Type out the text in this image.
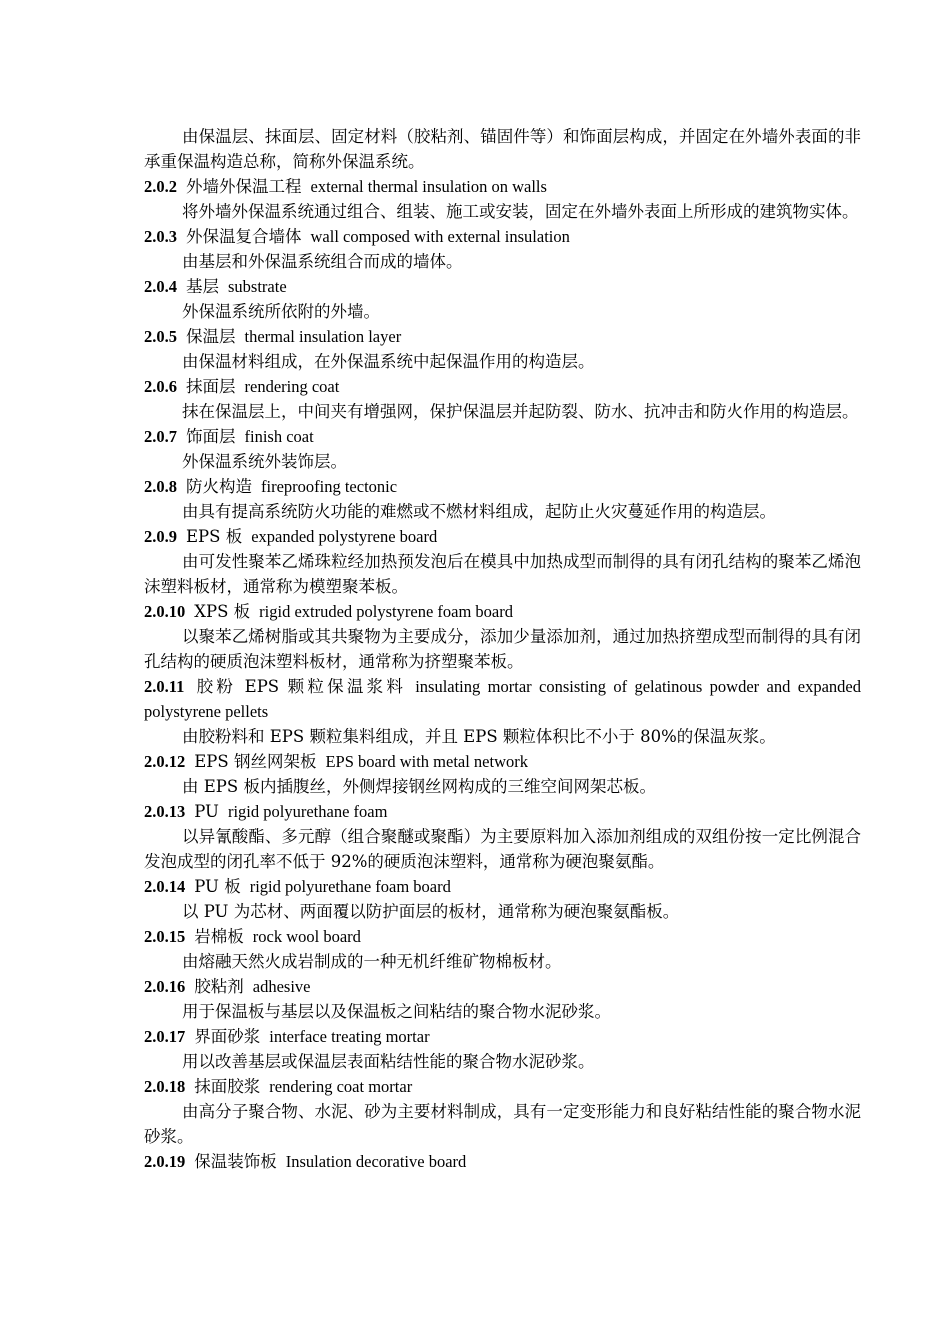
由保温层、抹面层、固定材料（胶粘剂、锚固件等）和饰面层构成，并固定在外墙外表面的非承重保温构造总称，简称外保温系统。

2.0.2 外墙外保温工程 external thermal insulation on walls

将外墙外保温系统通过组合、组装、施工或安装，固定在外墙外表面上所形成的建筑物实体。

2.0.3 外保温复合墙体 wall composed with external insulation

由基层和外保温系统组合而成的墙体。

2.0.4 基层 substrate

外保温系统所依附的外墙。

2.0.5 保温层 thermal insulation layer

由保温材料组成，在外保温系统中起保温作用的构造层。

2.0.6 抹面层 rendering coat

抹在保温层上，中间夹有增强网，保护保温层并起防裂、防水、抗冲击和防火作用的构造层。

2.0.7 饰面层 finish coat

外保温系统外装饰层。

2.0.8 防火构造 fireproofing tectonic

由具有提高系统防火功能的难燃或不燃材料组成，起防止火灾蔓延作用的构造层。

2.0.9 EPS 板 expanded polystyrene board

由可发性聚苯乙烯珠粒经加热预发泡后在模具中加热成型而制得的具有闭孔结构的聚苯乙烯泡沫塑料板材，通常称为模塑聚苯板。

2.0.10 XPS 板 rigid extruded polystyrene foam board

以聚苯乙烯树脂或其共聚物为主要成分，添加少量添加剂，通过加热挤塑成型而制得的具有闭孔结构的硬质泡沫塑料板材，通常称为挤塑聚苯板。

2.0.11 胶粉 EPS 颗粒保温浆料 insulating mortar consisting of gelatinous powder and expanded polystyrene pellets

由胶粉料和 EPS 颗粒集料组成，并且 EPS 颗粒体积比不小于 80%的保温灰浆。

2.0.12 EPS 钢丝网架板 EPS board with metal network

由 EPS 板内插腹丝，外侧焊接钢丝网构成的三维空间网架芯板。

2.0.13 PU rigid polyurethane foam

以异氰酸酯、多元醇（组合聚醚或聚酯）为主要原料加入添加剂组成的双组份按一定比例混合发泡成型的闭孔率不低于 92%的硬质泡沫塑料，通常称为硬泡聚氨酯。

2.0.14 PU 板 rigid polyurethane foam board

以 PU 为芯材、两面覆以防护面层的板材，通常称为硬泡聚氨酯板。

2.0.15 岩棉板 rock wool board

由熔融天然火成岩制成的一种无机纤维矿物棉板材。

2.0.16 胶粘剂 adhesive

用于保温板与基层以及保温板之间粘结的聚合物水泥砂浆。

2.0.17 界面砂浆 interface treating mortar

用以改善基层或保温层表面粘结性能的聚合物水泥砂浆。

2.0.18 抹面胶浆 rendering coat mortar

由高分子聚合物、水泥、砂为主要材料制成，具有一定变形能力和良好粘结性能的聚合物水泥砂浆。

2.0.19 保温装饰板 Insulation decorative board
